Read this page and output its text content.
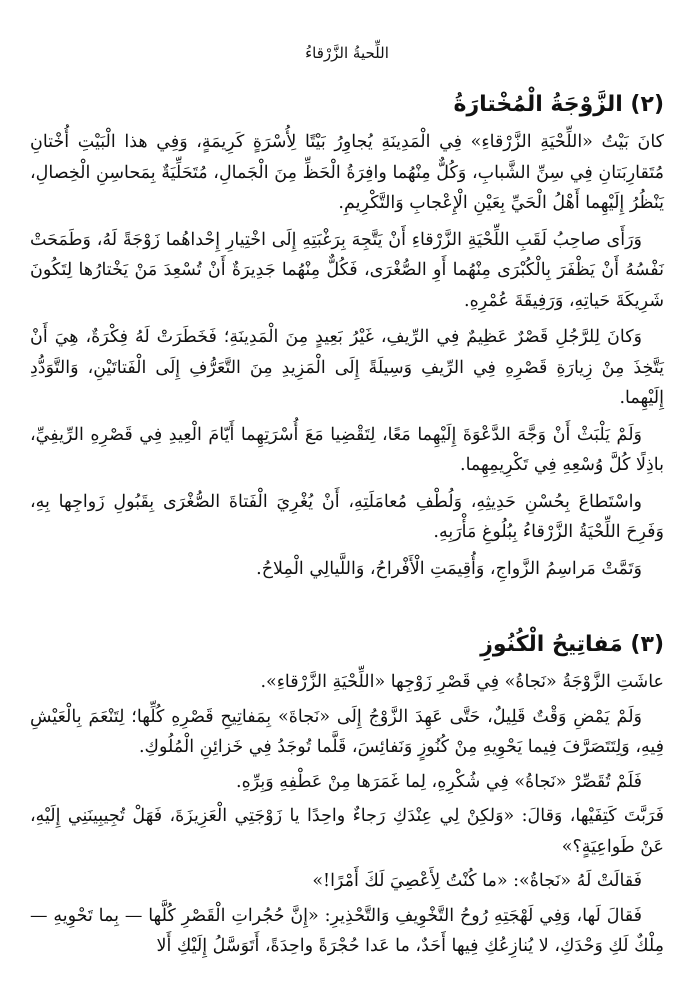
اللِّحيةُ الزَّرْقاءُ
(٢) الزَّوْجَةُ الْمُخْتارَةُ

كانَ بَيْتُ «اللِّحْيَةِ الزَّرْقاءِ» فِي الْمَدِينَةِ يُجاوِرُ بَيْتًا لِأُسْرَةٍ كَرِيمَةٍ، وَفِي هذا الْبَيْتِ أُخْتانِ مُتَقارِبَتانِ فِي سِنِّ الشَّبابِ، وَكُلٌّ مِنْهُما وافِرَةُ الْحَظِّ مِنَ الْجَمالِ، مُتَحَلِّيَةٌ بِمَحاسِنِ الْخِصالِ، يَنْظُرُ إِلَيْهِما أَهْلُ الْحَيِّ بِعَيْنِ الْإِعْجابِ وَالتَّكْرِيمِ.

وَرَأَى صاحِبُ لَقَبِ اللِّحْيَةِ الزَّرْقاءِ أَنْ يَتَّجِهَ بِرَغْبَتِهِ إِلَى اخْتِيارِ إِحْداهُما زَوْجَةً لَهُ، وَطَمَحَتْ نَفْسُهُ أَنْ يَظْفَرَ بِالْكُبْرَى مِنْهُما أَوِ الصُّغْرَى، فَكُلٌّ مِنْهُما جَدِيرَةٌ أَنْ تُسْعِدَ مَنْ يَخْتارُها لِتَكُونَ شَرِيكَةَ حَياتِهِ، وَرَفِيقَةَ عُمْرِهِ.

وَكانَ لِلرَّجُلِ قَصْرٌ عَظِيمٌ فِي الرِّيفِ، غَيْرُ بَعِيدٍ مِنَ الْمَدِينَةِ؛ فَخَطَرَتْ لَهُ فِكْرَةٌ، هِيَ أَنْ يَتَّخِذَ مِنْ زِيارَةِ قَصْرِهِ فِي الرِّيفِ وَسِيلَةً إِلَى الْمَزِيدِ مِنَ التَّعَرُّفِ إِلَى الْفَتاتَيْنِ، وَالتَّوَدُّدِ إِلَيْهِما.

وَلَمْ يَلْبَثْ أَنْ وَجَّهَ الدَّعْوَةَ إِلَيْهِما مَعًا، لِتَقْضِيا مَعَ أُسْرَتِهِما أَيّامَ الْعِيدِ فِي قَصْرِهِ الرِّيفِيِّ، باذِلًا كُلَّ وُسْعِهِ فِي تَكْرِيمِهِما.

واسْتَطاعَ بِحُسْنِ حَدِيثِهِ، وَلُطْفِ مُعامَلَتِهِ، أَنْ يُغْرِيَ الْفَتاةَ الصُّغْرَى بِقَبُولِ زَواجِها بِهِ، وَفَرِحَ اللِّحْيَةُ الزَّرْقاءُ بِبُلُوغِ مَأْرَبِهِ.

وَتَمَّتْ مَراسِمُ الزَّواجِ، وَأُقِيمَتِ الْأَفْراحُ، وَاللَّيالِي الْمِلاحُ.

(٣) مَفاتِيحُ الْكُنُوزِ

عاشَتِ الزَّوْجَةُ «نَجاةُ» فِي قَصْرِ زَوْجِها «اللِّحْيَةِ الزَّرْقاءِ».

وَلَمْ يَمْضِ وَقْتٌ قَلِيلٌ، حَتَّى عَهِدَ الزَّوْجُ إِلَى «نَجاةَ» بِمَفاتِيحِ قَصْرِهِ كُلِّها؛ لِتَنْعَمَ بِالْعَيْشِ فِيهِ، وَلِتَتَصَرَّفَ فِيما يَحْوِيهِ مِنْ كُنُوزٍ وَنَفائِسَ، قَلَّما تُوجَدُ فِي خَزائِنِ الْمُلُوكِ.

فَلَمْ تُقَصِّرْ «نَجاةُ» فِي شُكْرِهِ، لِما غَمَرَها مِنْ عَطْفِهِ وَبِرِّهِ.

فَرَبَّتَ كَتِفَيْها، وَقالَ: «وَلكِنْ لِي عِنْدَكِ رَجاءٌ واحِدًا يا زَوْجَتِي الْعَزِيزَةَ، فَهَلْ تُجِيبِينَنِي إِلَيْهِ، عَنْ طَواعِيَةٍ؟»

فَقالَتْ لَهُ «نَجاةُ»: «ما كُنْتُ لِأَعْصِيَ لَكَ أَمْرًا!»

فَقالَ لَها، وَفِي لَهْجَتِهِ رُوحُ التَّخْوِيفِ وَالتَّحْذِيرِ: «إِنَّ حُجُراتِ الْقَصْرِ كُلَّها — بِما تَحْوِيهِ — مِلْكٌ لَكِ وَحْدَكِ، لا يُنازِعُكِ فِيها أَحَدٌ، ما عَدا حُجْرَةً واحِدَةً، أَتَوَسَّلُ إِلَيْكِ أَلا
